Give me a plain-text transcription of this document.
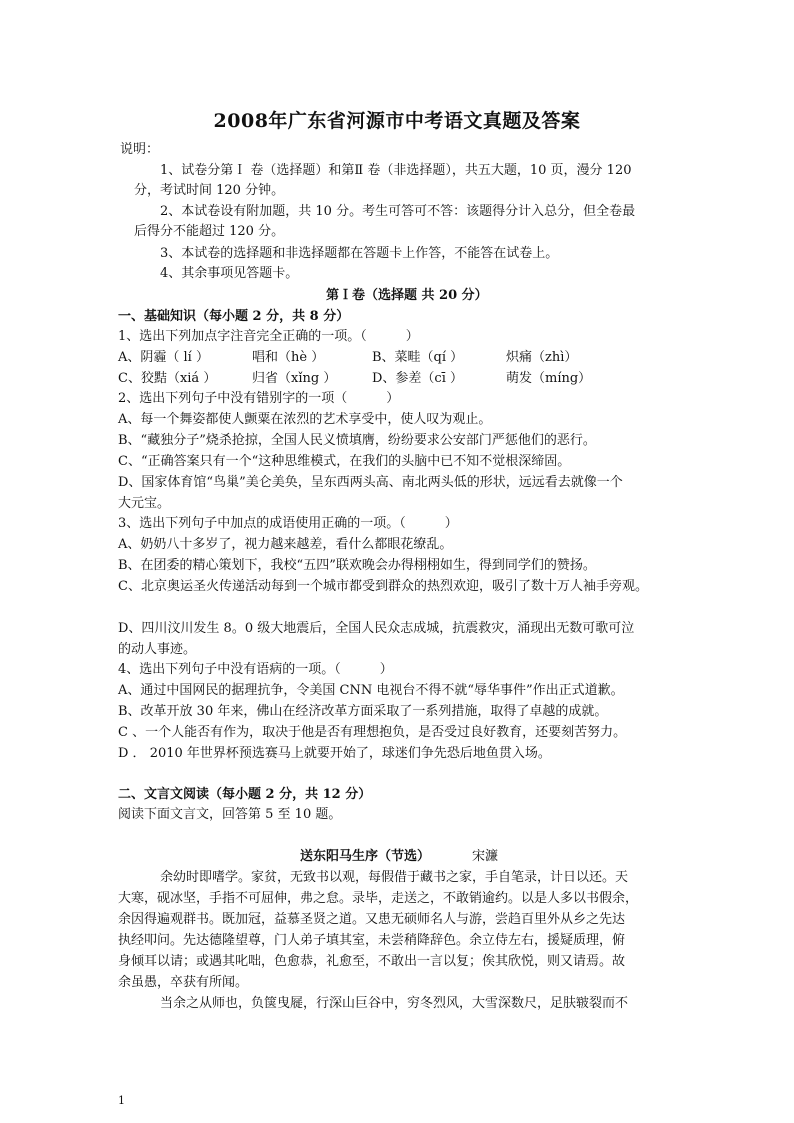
2008年广东省河源市中考语文真题及答案
说明：
1、试卷分第Ｉ 卷（选择题）和第Ⅱ 卷（非选择题），共五大题，10 页，漫分 120
分，考试时间 120 分钟。
2、本试卷设有附加题，共 10 分。考生可答可不答：该题得分计入总分，但全卷最
后得分不能超过 120 分。
3、本试卷的选择题和非选择题都在答题卡上作答，不能答在试卷上。
4、其余事项见答题卡。
第Ｉ卷（选择题 共 20 分）
一、基础知识（每小题 2 分，共 8 分）
1、选出下列加点字注音完全正确的一项。（　　　）
A、阴霾（ lí ）	唱和（hè ）	B、菜畦（qí ）	炽痛（zhì）
C、狡黠（xiá ）	归省（xǐng ）	D、参差（cī ）	萌发（míng）
2、选出下列句子中没有错别字的一项（　　　）
A、每一个舞姿都使人颤粟在浓烈的艺术享受中，使人叹为观止。
B、“藏独分子”烧杀抢掠，全国人民义愤填膺，纷纷要求公安部门严惩他们的恶行。
C、“正确答案只有一个“这种思维模式，在我们的头脑中已不知不觉根深缔固。
D、国家体育馆“鸟巢”美仑美奂，呈东西两头高、南北两头低的形状，远远看去就像一个
大元宝。
3、选出下列句子中加点的成语使用正确的一项。（　　　）
A、奶奶八十多岁了，视力越来越差，看什么都眼花缭乱。
B、在团委的精心策划下，我校“五四”联欢晚会办得栩栩如生，得到同学们的赞扬。
C、北京奥运圣火传递活动每到一个城市都受到群众的热烈欢迎，吸引了数十万人袖手旁观。
D、四川汶川发生 8。0 级大地震后，全国人民众志成城，抗震救灾，涌现出无数可歌可泣
的动人事迹。
4、选出下列句子中没有语病的一项。（　　　）
A、通过中国网民的据理抗争，令美国 CNN 电视台不得不就“辱华事件”作出正式道歉。
B、改革开放 30 年来，佛山在经济改革方面采取了一系列措施，取得了卓越的成就。
C 、一个人能否有作为，取决于他是否有理想抱负，是否受过良好教育，还要刻苦努力。
D ． 2010 年世界杯预选赛马上就要开始了，球迷们争先恐后地鱼贯入场。
二、文言文阅读（每小题 2 分，共 12 分）
阅读下面文言文，回答第 5 至 10 题。
送东阳马生序（节选）	宋濂
余幼时即嗜学。家贫，无致书以观，每假借于藏书之家，手自笔录，计日以还。天
大寒，砚冰坚，手指不可屈伸，弗之怠。录毕，走送之，不敢销逾约。以是人多以书假余，
余因得遍观群书。既加冠，益慕圣贤之道。又患无硕师名人与游，尝趋百里外从乡之先达
执经叩问。先达德隆望尊，门人弟子填其室，未尝稍降辞色。余立侍左右，援疑质理，俯
身倾耳以请；或遇其叱咄，色愈恭，礼愈至，不敢出一言以复；俟其欣悦，则又请焉。故
余虽愚，卒获有所闻。
当余之从师也，负箧曳屣，行深山巨谷中，穷冬烈风，大雪深数尺，足肤皲裂而不
1
